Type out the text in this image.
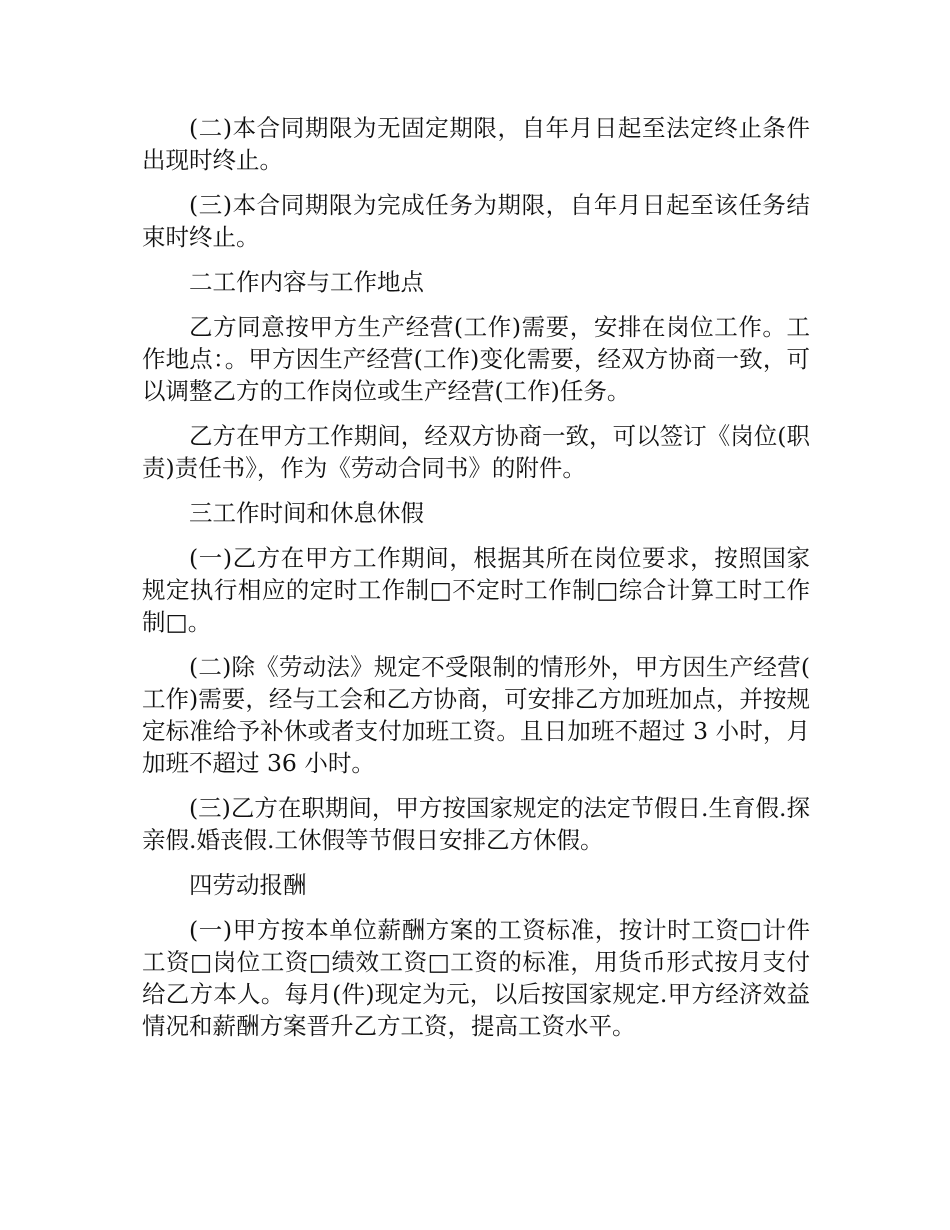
(二)本合同期限为无固定期限，自年月日起至法定终止条件出现时终止。

(三)本合同期限为完成任务为期限，自年月日起至该任务结束时终止。

二工作内容与工作地点

乙方同意按甲方生产经营(工作)需要，安排在岗位工作。工作地点：。甲方因生产经营(工作)变化需要，经双方协商一致，可以调整乙方的工作岗位或生产经营(工作)任务。

乙方在甲方工作期间，经双方协商一致，可以签订《岗位(职责)责任书》，作为《劳动合同书》的附件。

三工作时间和休息休假

(一)乙方在甲方工作期间，根据其所在岗位要求，按照国家规定执行相应的定时工作制□不定时工作制□综合计算工时工作制□。

(二)除《劳动法》规定不受限制的情形外，甲方因生产经营(工作)需要，经与工会和乙方协商，可安排乙方加班加点，并按规定标准给予补休或者支付加班工资。且日加班不超过 3 小时，月加班不超过 36 小时。

(三)乙方在职期间，甲方按国家规定的法定节假日.生育假.探亲假.婚丧假.工休假等节假日安排乙方休假。

四劳动报酬

(一)甲方按本单位薪酬方案的工资标准，按计时工资□计件工资□岗位工资□绩效工资□工资的标准，用货币形式按月支付给乙方本人。每月(件)现定为元，以后按国家规定.甲方经济效益情况和薪酬方案晋升乙方工资，提高工资水平。
